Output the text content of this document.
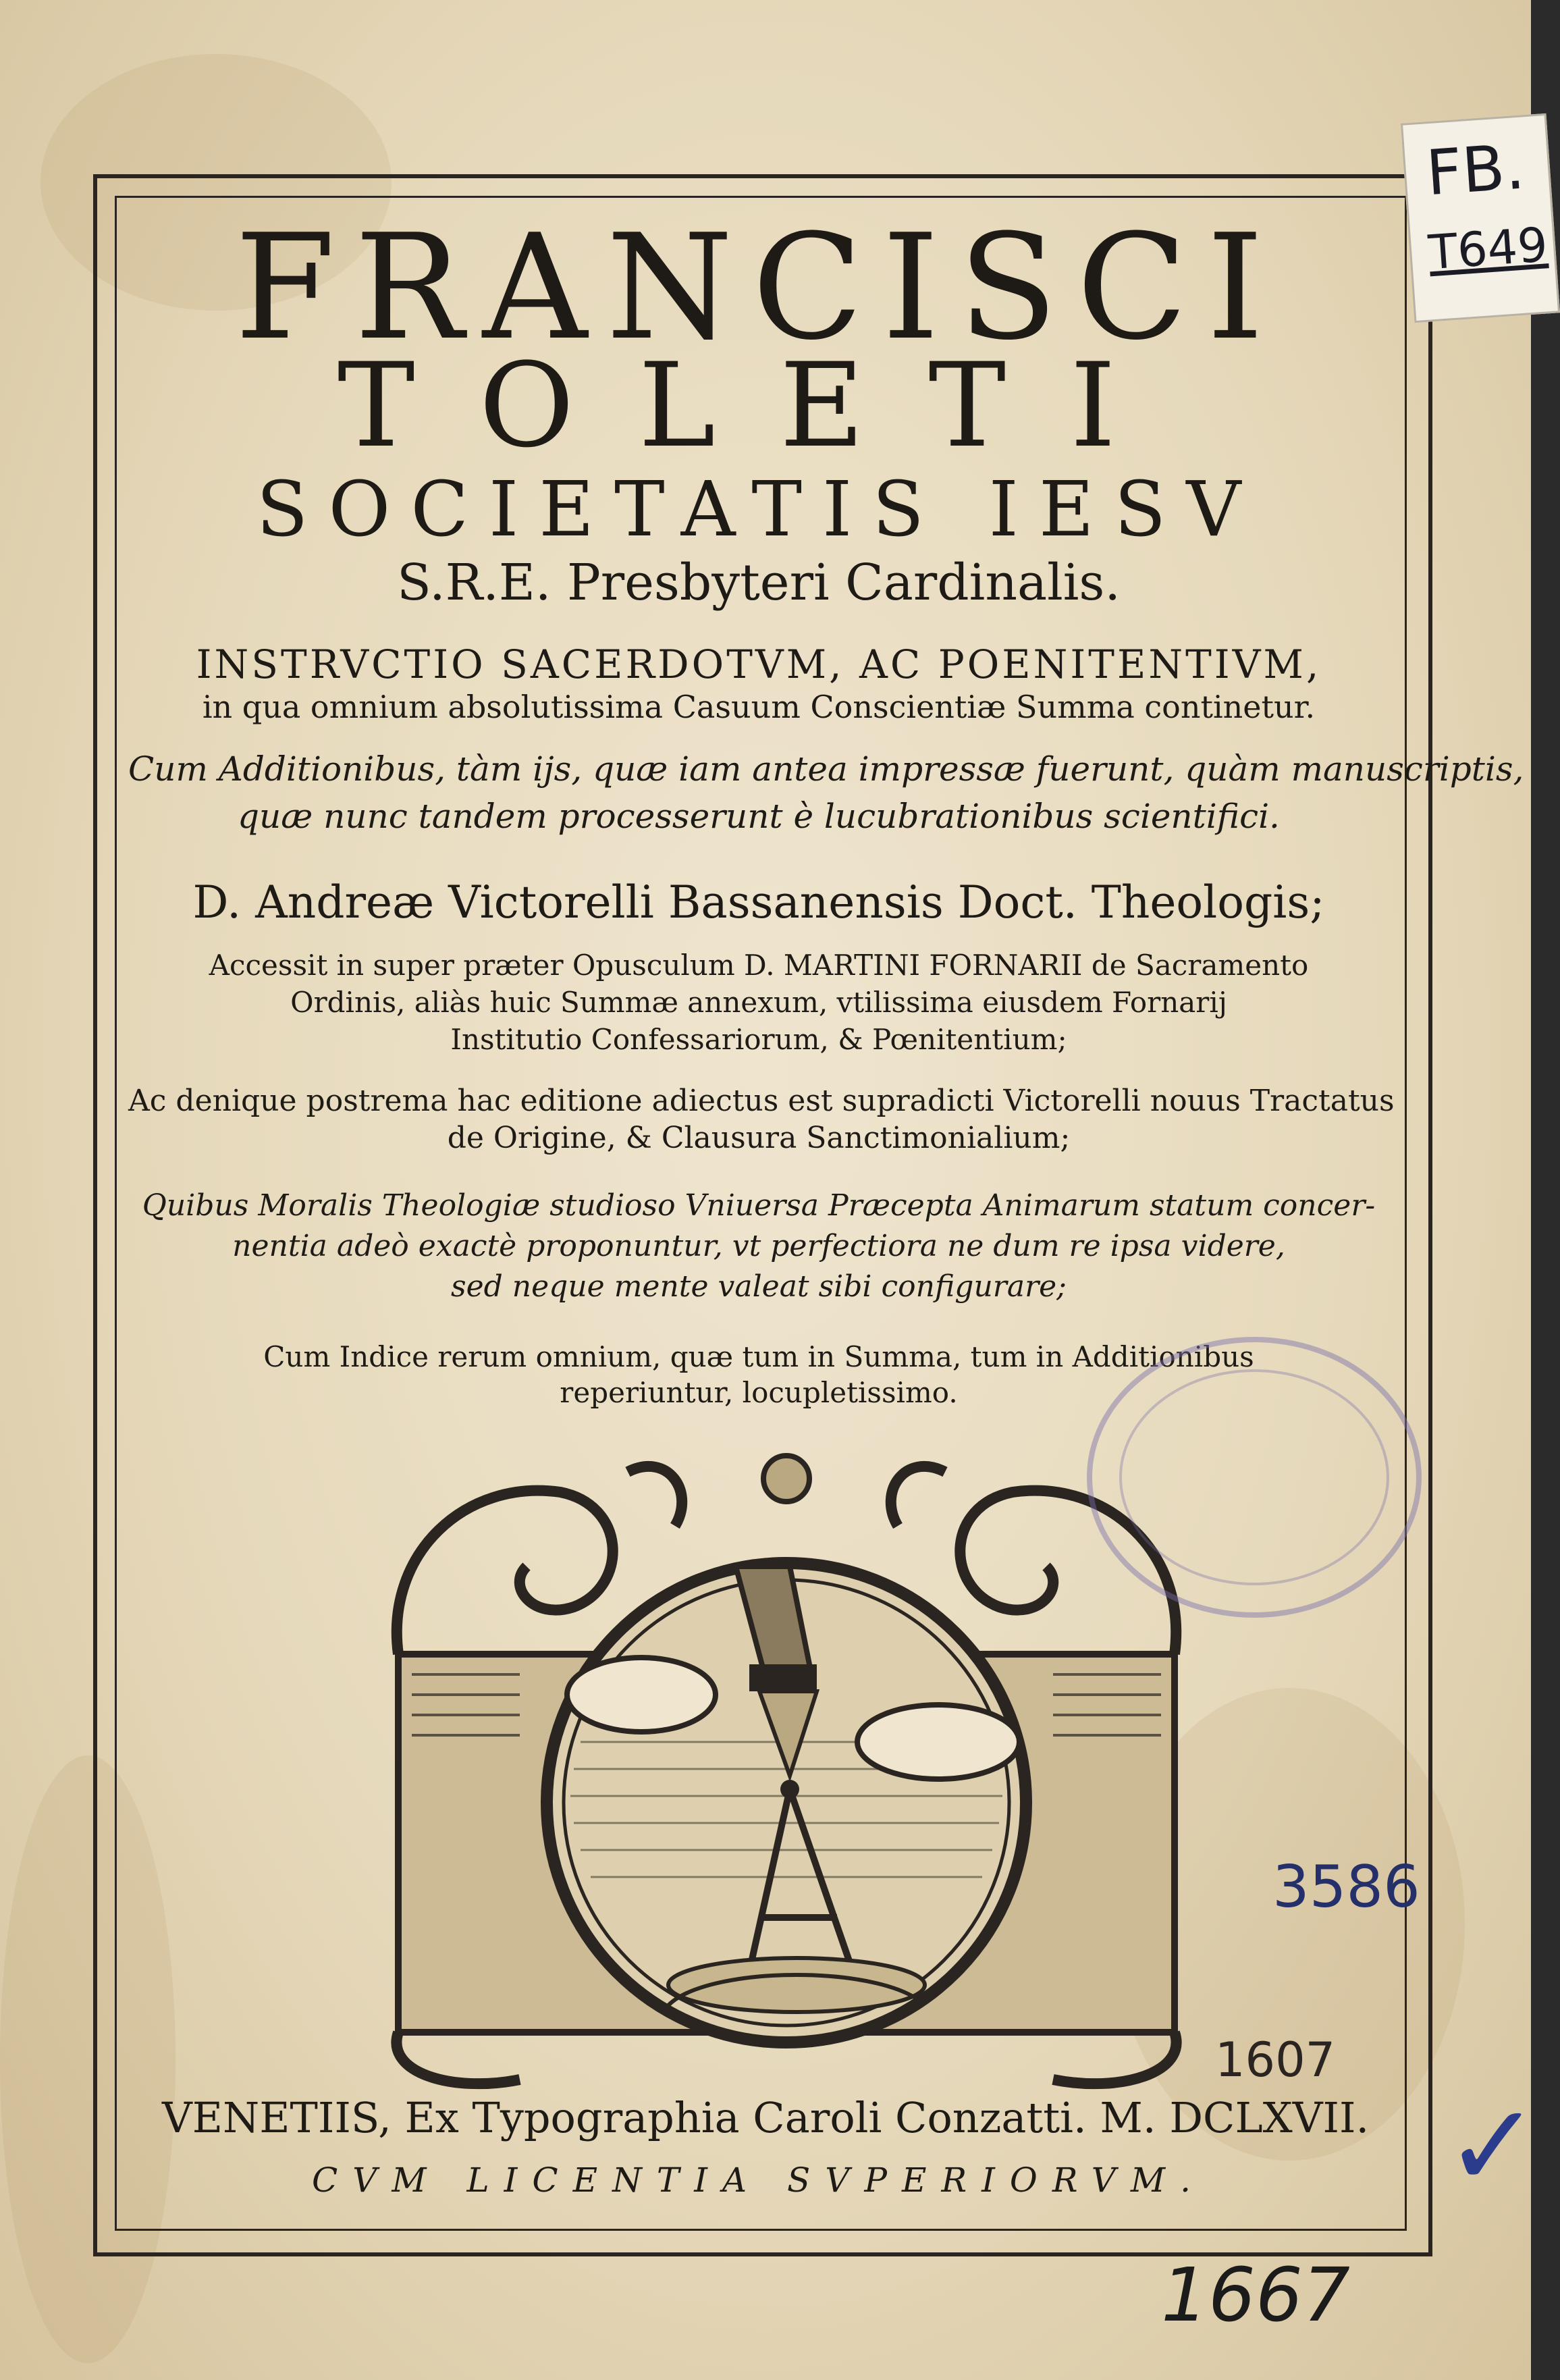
FRANCISCI

TOLETI

SOCIETATIS IESV

S.R.E. Presbyteri Cardinalis.

INSTRVCTIO SACERDOTVM, AC POENITENTIVM,

in qua omnium absolutissima Casuum Conscientiæ Summa continetur.

Cum Additionibus, tàm ijs, quæ iam antea impressæ fuerunt, quàm manuscriptis,

quæ nunc tandem processerunt è lucubrationibus scientifici.

D. Andreæ Victorelli Bassanensis Doct. Theologis;

Accessit in super præter Opusculum D. MARTINI FORNARII de Sacramento

Ordinis, aliàs huic Summæ annexum, vtilissima eiusdem Fornarij

Institutio Confessariorum, & Pœnitentium;

Ac denique postrema hac editione adiectus est supradicti Victorelli nouus Tractatus

de Origine, & Clausura Sanctimonialium;

Quibus Moralis Theologiæ studioso Vniuersa Præcepta Animarum statum concer-

nentia adeò exactè proponuntur, vt perfectiora ne dum re ipsa videre,

sed neque mente valeat sibi configurare;

Cum Indice rerum omnium, quæ tum in Summa, tum in Additionibus

reperiuntur, locupletissimo.

VENETIIS, Ex Typographia Caroli Conzatti. M. DCLXVII.

CVM LICENTIA SVPERIORVM.

FB.

T649

3586

1607

1667

✓
